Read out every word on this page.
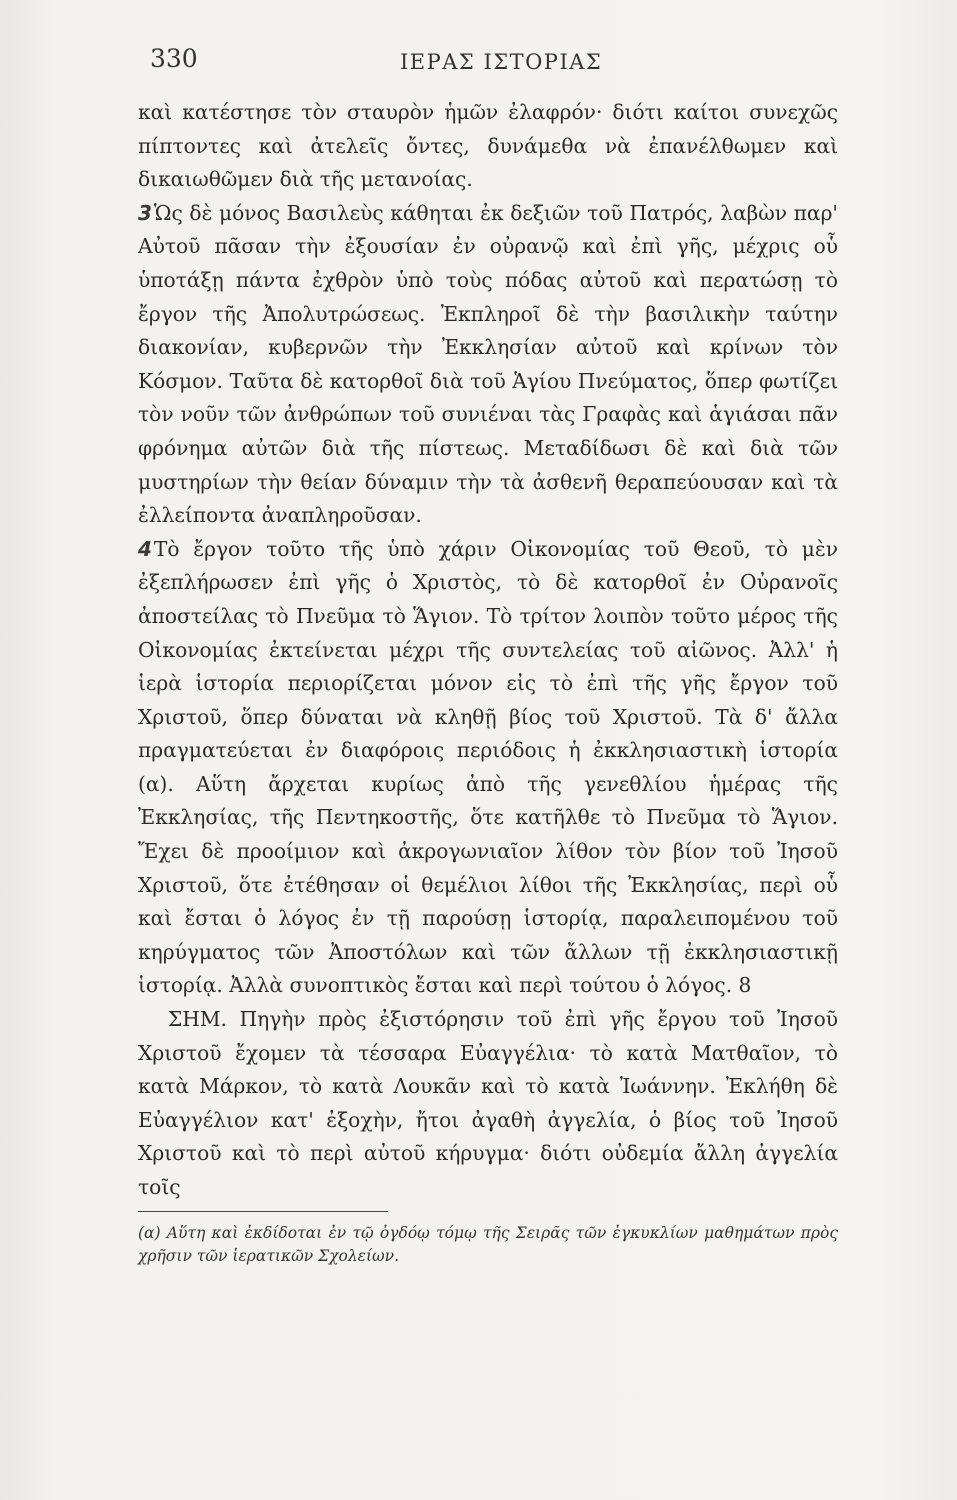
330	ΙΕΡΑΣ ΙΣΤΟΡΙΑΣ

καὶ κατέστησε τὸν σταυρὸν ἡμῶν ἐλαφρόν· διότι καίτοι συνεχῶς πίπτοντες καὶ ἀτελεῖς ὄντες, δυνάμεθα νὰ ἐπανέλθωμεν καὶ δικαιωθῶμεν διὰ τῆς μετανοίας.

3Ὡς δὲ μόνος Βασιλεὺς κάθηται ἐκ δεξιῶν τοῦ Πατρός, λαβὼν παρ' Αὐτοῦ πᾶσαν τὴν ἐξουσίαν ἐν οὐρανῷ καὶ ἐπὶ γῆς, μέχρις οὗ ὑποτάξῃ πάντα ἐχθρὸν ὑπὸ τοὺς πόδας αὐτοῦ καὶ περατώσῃ τὸ ἔργον τῆς Ἀπολυτρώσεως. Ἐκπληροῖ δὲ τὴν βασιλικὴν ταύτην διακονίαν, κυβερνῶν τὴν Ἐκκλησίαν αὐτοῦ καὶ κρίνων τὸν Κόσμον. Ταῦτα δὲ κατορθοῖ διὰ τοῦ Ἁγίου Πνεύματος, ὅπερ φωτίζει τὸν νοῦν τῶν ἀνθρώπων τοῦ συνιέναι τὰς Γραφὰς καὶ ἁγιάσαι πᾶν φρόνημα αὐτῶν διὰ τῆς πίστεως. Μεταδίδωσι δὲ καὶ διὰ τῶν μυστηρίων τὴν θείαν δύναμιν τὴν τὰ ἀσθενῆ θεραπεύουσαν καὶ τὰ ἐλλείποντα ἀναπληροῦσαν.

4Τὸ ἔργον τοῦτο τῆς ὑπὸ χάριν Οἰκονομίας τοῦ Θεοῦ, τὸ μὲν ἐξεπλήρωσεν ἐπὶ γῆς ὁ Χριστὸς, τὸ δὲ κατορθοῖ ἐν Οὐρανοῖς ἀποστείλας τὸ Πνεῦμα τὸ Ἅγιον. Τὸ τρίτον λοιπὸν τοῦτο μέρος τῆς Οἰκονομίας ἐκτείνεται μέχρι τῆς συντελείας τοῦ αἰῶνος. Ἀλλ' ἡ ἱερὰ ἱστορία περιορίζεται μόνον εἰς τὸ ἐπὶ τῆς γῆς ἔργον τοῦ Χριστοῦ, ὅπερ δύναται νὰ κληθῇ βίος τοῦ Χριστοῦ. Τὰ δ' ἄλλα πραγματεύεται ἐν διαφόροις περιόδοις ἡ ἐκκλησιαστικὴ ἱστορία (α). Αὕτη ἄρχεται κυρίως ἀπὸ τῆς γενεθλίου ἡμέρας τῆς Ἐκκλησίας, τῆς Πεντηκοστῆς, ὅτε κατῆλθε τὸ Πνεῦμα τὸ Ἅγιον. Ἔχει δὲ προοίμιον καὶ ἀκρογωνιαῖον λίθον τὸν βίον τοῦ Ἰησοῦ Χριστοῦ, ὅτε ἐτέθησαν οἱ θεμέλιοι λίθοι τῆς Ἐκκλησίας, περὶ οὗ καὶ ἔσται ὁ λόγος ἐν τῇ παρούσῃ ἱστορίᾳ, παραλειπομένου τοῦ κηρύγματος τῶν Ἀποστόλων καὶ τῶν ἄλλων τῇ ἐκκλησιαστικῇ ἱστορίᾳ. Ἀλλὰ συνοπτικὸς ἔσται καὶ περὶ τούτου ὁ λόγος. 8

ΣΗΜ. Πηγὴν πρὸς ἐξιστόρησιν τοῦ ἐπὶ γῆς ἔργου τοῦ Ἰησοῦ Χριστοῦ ἔχομεν τὰ τέσσαρα Εὐαγγέλια· τὸ κατὰ Ματθαῖον, τὸ κατὰ Μάρκον, τὸ κατὰ Λουκᾶν καὶ τὸ κατὰ Ἰωάννην. Ἐκλήθη δὲ Εὐαγγέλιον κατ' ἐξοχὴν, ἤτοι ἀγαθὴ ἀγγελία, ὁ βίος τοῦ Ἰησοῦ Χριστοῦ καὶ τὸ περὶ αὐτοῦ κήρυγμα· διότι οὐδεμία ἄλλη ἀγγελία τοῖς

(α) Αὕτη καὶ ἐκδίδοται ἐν τῷ ὀγδόῳ τόμῳ τῆς Σειρᾶς τῶν ἐγκυκλίων μαθημάτων πρὸς χρῆσιν τῶν ἱερατικῶν Σχολείων.
